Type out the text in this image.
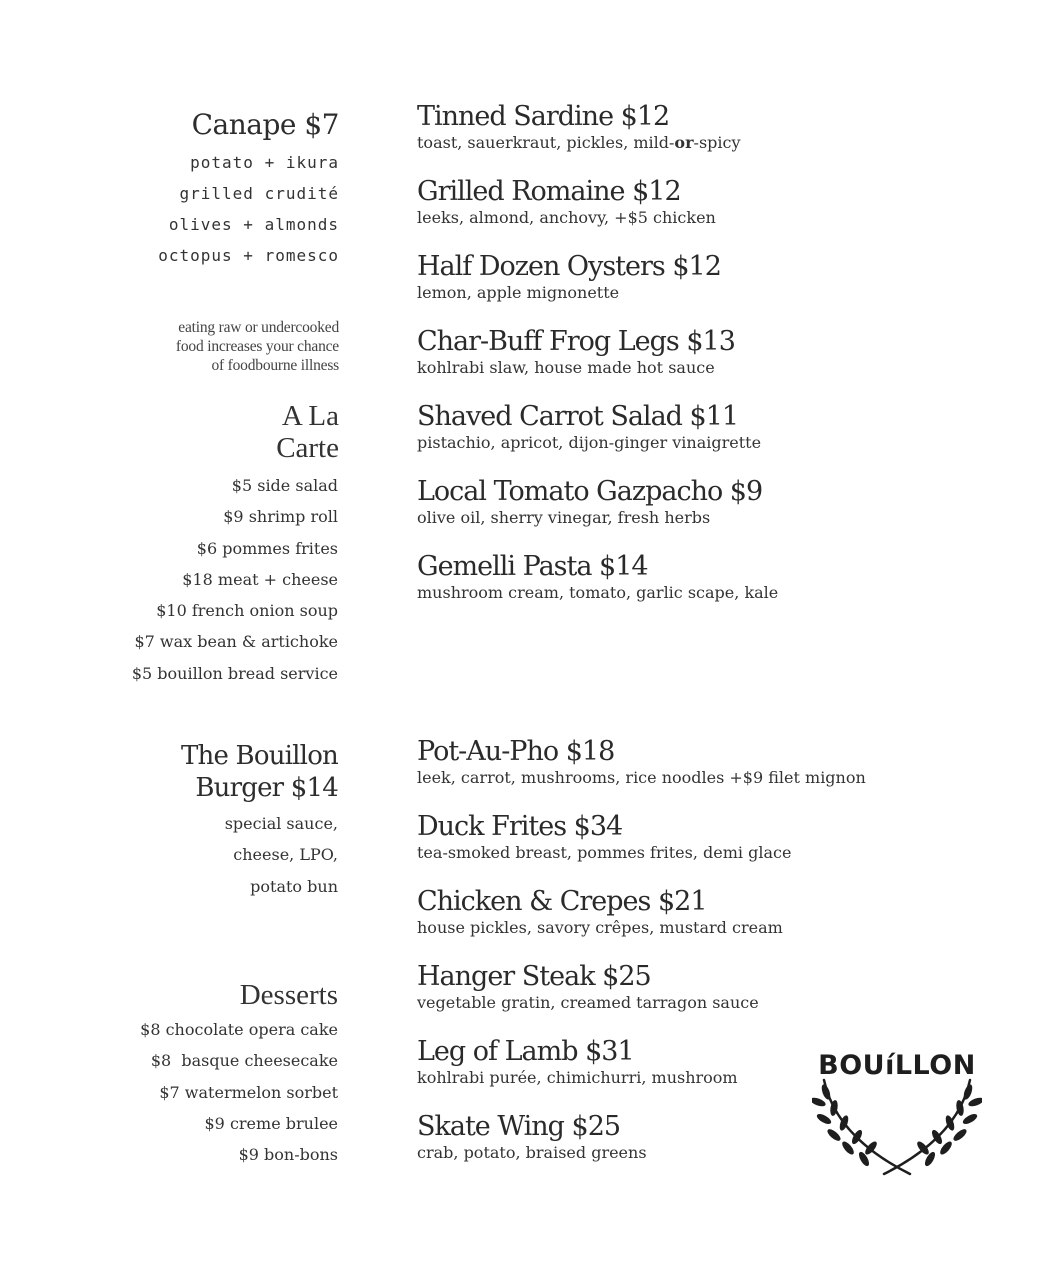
Canape $7
potato + ikura
grilled crudité
olives + almonds
octopus + romesco
eating raw or undercooked
food increases your chance
of foodbourne illness
A La
Carte
$5 side salad
$9 shrimp roll
$6 pommes frites
$18 meat + cheese
$10 french onion soup
$7 wax bean & artichoke
$5 bouillon bread service
The Bouillon
Burger $14
special sauce,
cheese, LPO,
potato bun
Desserts
$8 chocolate opera cake
$8  basque cheesecake
$7 watermelon sorbet
$9 creme brulee
$9 bon-bons
Tinned Sardine $12
toast, sauerkraut, pickles, mild-or-spicy
Grilled Romaine $12
leeks, almond, anchovy, +$5 chicken
Half Dozen Oysters $12
lemon, apple mignonette
Char-Buff Frog Legs $13
kohlrabi slaw, house made hot sauce
Shaved Carrot Salad $11
pistachio, apricot, dijon-ginger vinaigrette
Local Tomato Gazpacho $9
olive oil, sherry vinegar, fresh herbs
Gemelli Pasta $14
mushroom cream, tomato, garlic scape, kale
Pot-Au-Pho $18
leek, carrot, mushrooms, rice noodles +$9 filet mignon
Duck Frites $34
tea-smoked breast, pommes frites, demi glace
Chicken & Crepes $21
house pickles, savory crêpes, mustard cream
Hanger Steak $25
vegetable gratin, creamed tarragon sauce
Leg of Lamb $31
kohlrabi purée, chimichurri, mushroom
Skate Wing $25
crab, potato, braised greens
BOUíLLON
